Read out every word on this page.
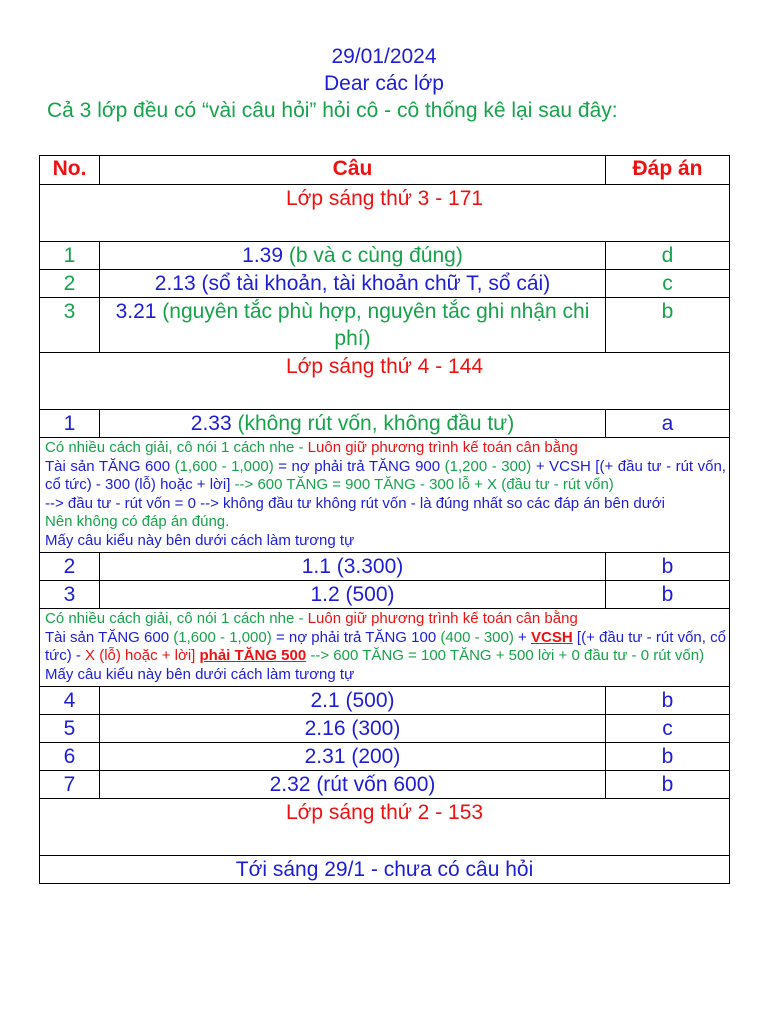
29/01/2024
Dear các lớp
Cả 3 lớp đều có “vài câu hỏi” hỏi cô - cô thống kê lại sau đây:
No.	Câu	Đáp án
Lớp sáng thứ 3 - 171		
1	1.39 (b và c cùng đúng)	d
2	2.13 (sổ tài khoản, tài khoản chữ T, sổ cái)	c
3	3.21 (nguyên tắc phù hợp, nguyên tắc ghi nhận chi phí)	b
Lớp sáng thứ 4 - 144		
1	2.33 (không rút vốn, không đầu tư)	a

Có nhiều cách giải, cô nói 1 cách nhe - Luôn giữ phương trình kế toán cân bằng
Tài sản TĂNG 600 (1,600 - 1,000) = nợ phải trả TĂNG 900 (1,200 - 300) + VCSH [(+ đầu tư - rút vốn, cổ tức) - 300 (lỗ) hoặc + lời] --> 600 TĂNG = 900 TĂNG - 300 lỗ + X (đầu tư - rút vốn)
--> đầu tư - rút vốn = 0 --> không đầu tư không rút vốn - là đúng nhất so các đáp án bên dưới
Nên không có đáp án đúng.
Mấy câu kiểu này bên dưới cách làm tương tự		

2	1.1 (3.300)	b
3	1.2 (500)	b

Có nhiều cách giải, cô nói 1 cách nhe - Luôn giữ phương trình kế toán cân bằng
Tài sản TĂNG 600 (1,600 - 1,000) = nợ phải trả TĂNG 100 (400 - 300) + VCSH [(+ đầu tư - rút vốn, cổ tức) - X (lỗ) hoặc + lời] phải TĂNG 500 --> 600 TĂNG = 100 TĂNG + 500 lời + 0 đầu tư - 0 rút vốn)
Mấy câu kiểu này bên dưới cách làm tương tự		

4	2.1 (500)	b
5	2.16 (300)	c
6	2.31 (200)	b
7	2.32 (rút vốn 600)	b
Lớp sáng thứ 2 - 153		
Tới sáng 29/1 - chưa có câu hỏi		
